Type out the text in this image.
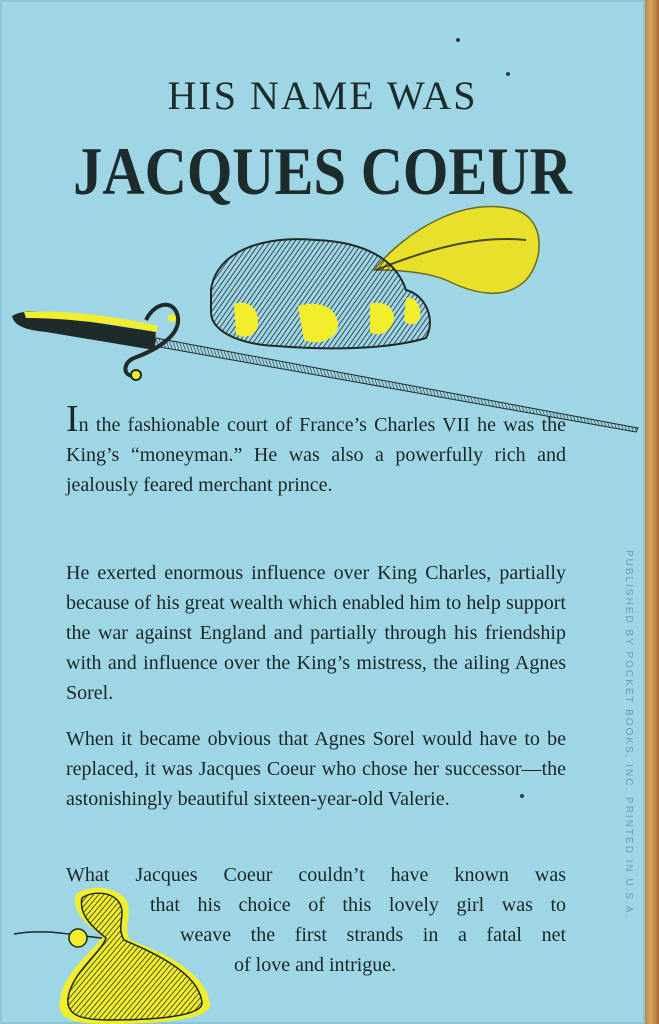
HIS NAME WAS
JACQUES COEUR
In the fashionable court of France’s Charles VII he was the King’s “moneyman.” He was also a powerfully rich and jealously feared merchant prince.
He exerted enormous influence over King Charles, partially because of his great wealth which enabled him to help support the war against England and partially through his friendship with and influence over the King’s mistress, the ailing Agnes Sorel.
When it became obvious that Agnes Sorel would have to be replaced, it was Jacques Coeur who chose her successor—the astonishingly beautiful sixteen-year-old Valerie.
What Jacques Coeur couldn’t have known was
that his choice of this lovely girl was to
weave the first strands in a fatal net
of love and intrigue.
PUBLISHED BY POCKET BOOKS, INC. PRINTED IN U.S.A.
